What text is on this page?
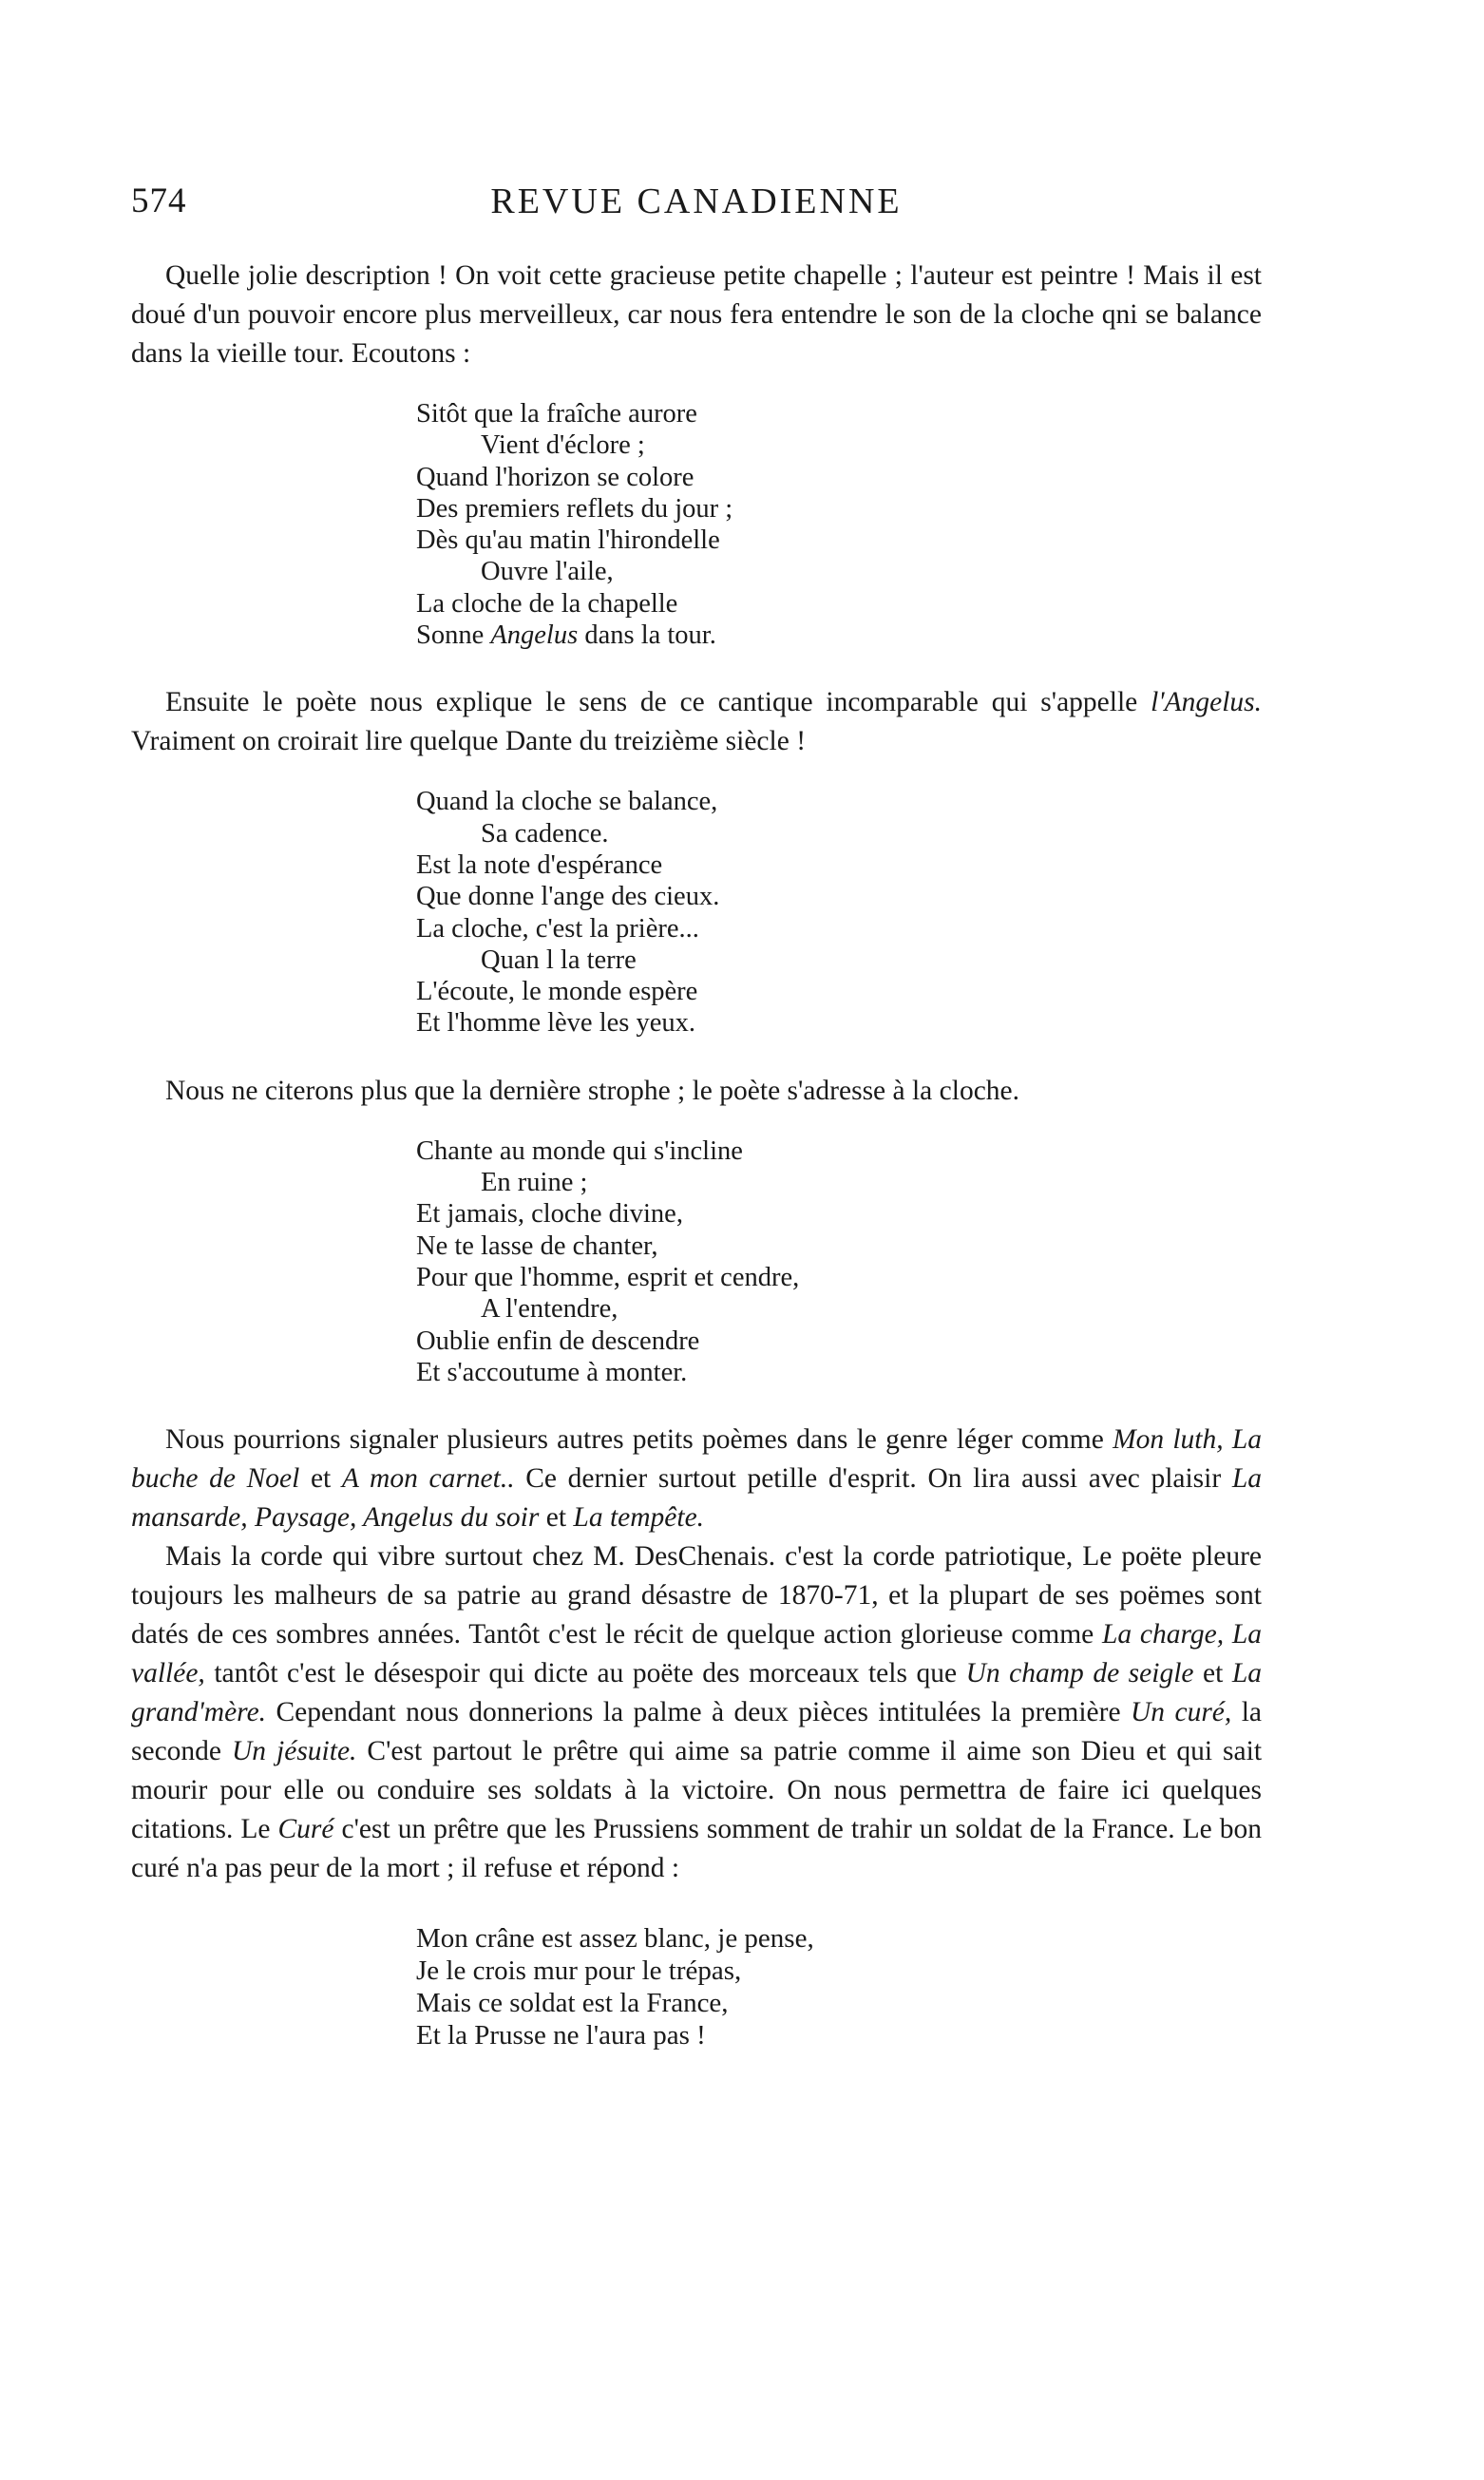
574	REVUE CANADIENNE

Quelle jolie description ! On voit cette gracieuse petite chapelle ; l'auteur est peintre ! Mais il est doué d'un pouvoir encore plus merveilleux, car nous fera entendre le son de la cloche qni se balance dans la vieille tour. Ecoutons :

Sitôt que la fraîche aurore
Vient d'éclore ;
Quand l'horizon se colore
Des premiers reflets du jour ;
Dès qu'au matin l'hirondelle
Ouvre l'aile,
La cloche de la chapelle
Sonne Angelus dans la tour.

Ensuite le poète nous explique le sens de ce cantique incomparable qui s'appelle l'Angelus. Vraiment on croirait lire quelque Dante du treizième siècle !

Quand la cloche se balance,
Sa cadence.
Est la note d'espérance
Que donne l'ange des cieux.
La cloche, c'est la prière...
Quan l la terre
L'écoute, le monde espère
Et l'homme lève les yeux.

Nous ne citerons plus que la dernière strophe ; le poète s'adresse à la cloche.

Chante au monde qui s'incline
En ruine ;
Et jamais, cloche divine,
Ne te lasse de chanter,
Pour que l'homme, esprit et cendre,
A l'entendre,
Oublie enfin de descendre
Et s'accoutume à monter.

Nous pourrions signaler plusieurs autres petits poèmes dans le genre léger comme Mon luth, La buche de Noel et A mon carnet.. Ce dernier surtout petille d'esprit. On lira aussi avec plaisir La mansarde, Paysage, Angelus du soir et La tempête.

Mais la corde qui vibre surtout chez M. DesChenais. c'est la corde patriotique, Le poëte pleure toujours les malheurs de sa patrie au grand désastre de 1870-71, et la plupart de ses poëmes sont datés de ces sombres années. Tantôt c'est le récit de quelque action glorieuse comme La charge, La vallée, tantôt c'est le désespoir qui dicte au poëte des morceaux tels que Un champ de seigle et La grand'mère. Cependant nous donnerions la palme à deux pièces intitulées la première Un curé, la seconde Un jésuite. C'est partout le prêtre qui aime sa patrie comme il aime son Dieu et qui sait mourir pour elle ou conduire ses soldats à la victoire. On nous permettra de faire ici quelques citations. Le Curé c'est un prêtre que les Prussiens somment de trahir un soldat de la France. Le bon curé n'a pas peur de la mort ; il refuse et répond :

Mon crâne est assez blanc, je pense,
Je le crois mur pour le trépas,
Mais ce soldat est la France,
Et la Prusse ne l'aura pas !
